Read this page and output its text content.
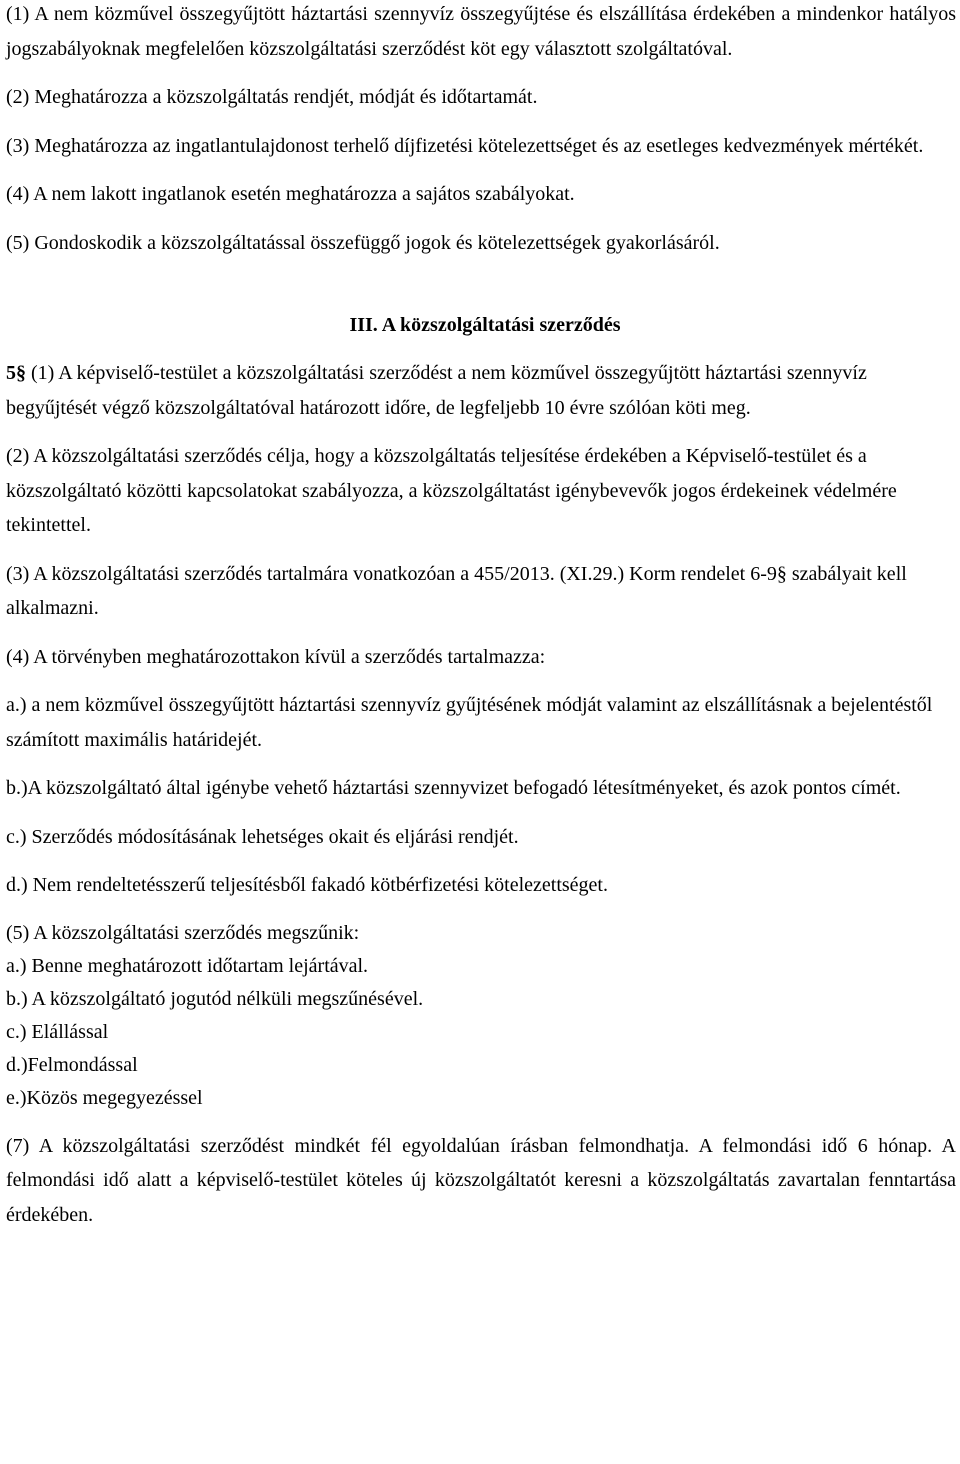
(1) A nem közművel összegyűjtött háztartási szennyvíz összegyűjtése és elszállítása érdekében a mindenkor hatályos jogszabályoknak megfelelően közszolgáltatási szerződést köt egy választott szolgáltatóval.

(2) Meghatározza a közszolgáltatás rendjét, módját és időtartamát.

(3) Meghatározza az ingatlantulajdonost terhelő díjfizetési kötelezettséget és az esetleges kedvezmények mértékét.

(4) A nem lakott ingatlanok esetén meghatározza a sajátos szabályokat.

(5) Gondoskodik a közszolgáltatással összefüggő jogok és kötelezettségek gyakorlásáról.

III. A közszolgáltatási szerződés

5§ (1) A képviselő-testület a közszolgáltatási szerződést a nem közművel összegyűjtött háztartási szennyvíz begyűjtését végző közszolgáltatóval határozott időre, de legfeljebb 10 évre szólóan köti meg.

(2) A közszolgáltatási szerződés célja, hogy a közszolgáltatás teljesítése érdekében a Képviselő-testület és a közszolgáltató közötti kapcsolatokat szabályozza, a közszolgáltatást igénybevevők jogos érdekeinek védelmére tekintettel.

(3) A közszolgáltatási szerződés tartalmára vonatkozóan a 455/2013. (XI.29.) Korm rendelet 6-9§ szabályait kell alkalmazni.

(4) A törvényben meghatározottakon kívül a szerződés tartalmazza:

a.) a nem közművel összegyűjtött háztartási szennyvíz gyűjtésének módját valamint az elszállításnak a bejelentéstől számított maximális határidejét.

b.)A közszolgáltató által igénybe vehető háztartási szennyvizet befogadó létesítményeket, és azok pontos címét.

c.) Szerződés módosításának lehetséges okait és eljárási rendjét.

d.) Nem rendeltetésszerű teljesítésből fakadó kötbérfizetési kötelezettséget.

(5) A közszolgáltatási szerződés megszűnik:

a.) Benne meghatározott időtartam lejártával.

b.) A közszolgáltató jogutód nélküli megszűnésével.

c.) Elállással

d.)Felmondással

e.)Közös megegyezéssel

(7) A közszolgáltatási szerződést mindkét fél egyoldalúan írásban felmondhatja. A felmondási idő 6 hónap. A felmondási idő alatt a képviselő-testület köteles új közszolgáltatót keresni a közszolgáltatás zavartalan fenntartása érdekében.
